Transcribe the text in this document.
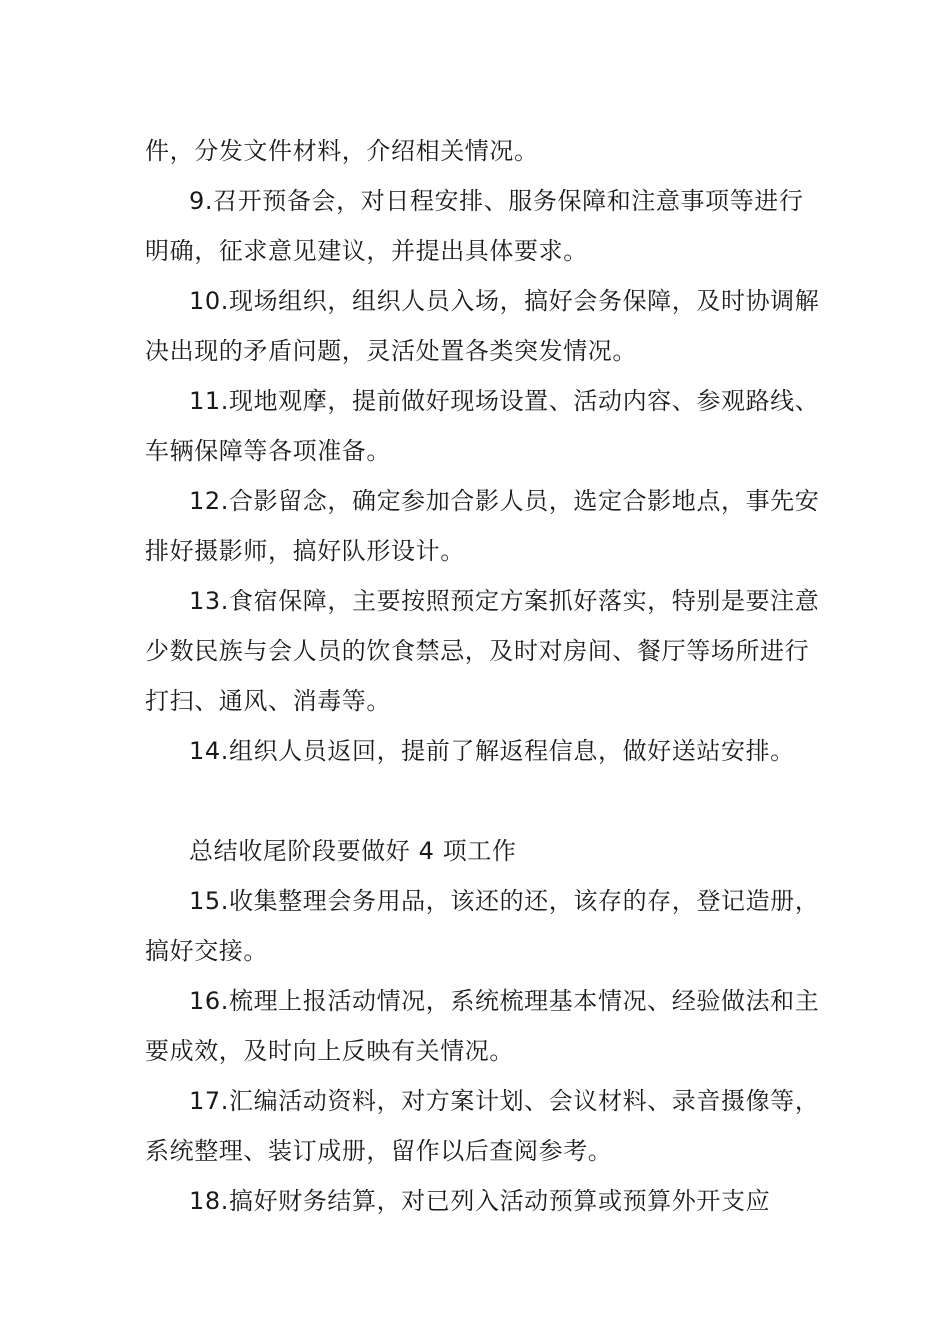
件，分发文件材料，介绍相关情况。

9.召开预备会，对日程安排、服务保障和注意事项等进行明确，征求意见建议，并提出具体要求。

10.现场组织，组织人员入场，搞好会务保障，及时协调解决出现的矛盾问题，灵活处置各类突发情况。

11.现地观摩，提前做好现场设置、活动内容、参观路线、车辆保障等各项准备。

12.合影留念，确定参加合影人员，选定合影地点，事先安排好摄影师，搞好队形设计。

13.食宿保障，主要按照预定方案抓好落实，特别是要注意少数民族与会人员的饮食禁忌，及时对房间、餐厅等场所进行打扫、通风、消毒等。

14.组织人员返回，提前了解返程信息，做好送站安排。

总结收尾阶段要做好 4 项工作

15.收集整理会务用品，该还的还，该存的存，登记造册，搞好交接。

16.梳理上报活动情况，系统梳理基本情况、经验做法和主要成效，及时向上反映有关情况。

17.汇编活动资料，对方案计划、会议材料、录音摄像等，系统整理、装订成册，留作以后查阅参考。

18.搞好财务结算，对已列入活动预算或预算外开支应
